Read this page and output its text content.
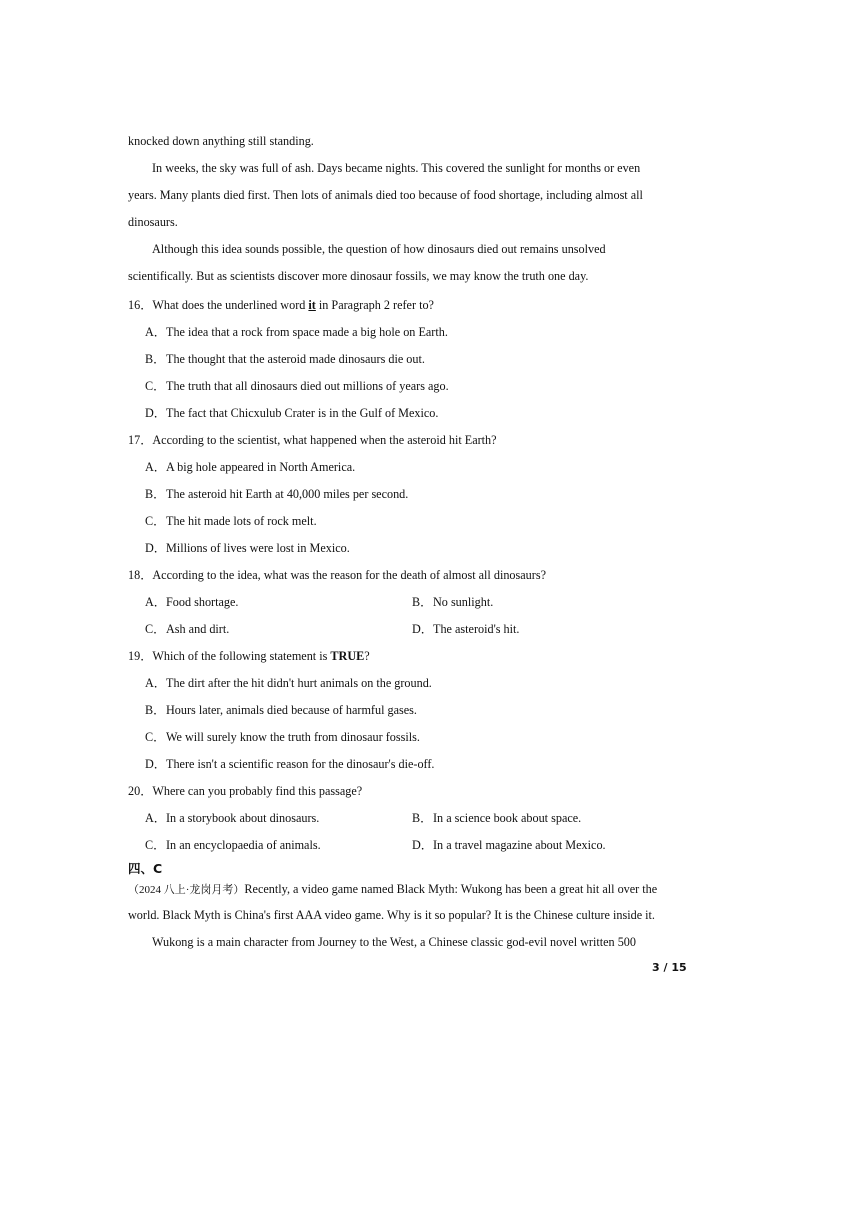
knocked down anything still standing.
In weeks, the sky was full of ash. Days became nights. This covered the sunlight for months or even
years. Many plants died first. Then lots of animals died too because of food shortage, including almost all
dinosaurs.
Although this idea sounds possible, the question of how dinosaurs died out remains unsolved
scientifically. But as scientists discover more dinosaur fossils, we may know the truth one day.
16．What does the underlined word it in Paragraph 2 refer to?
A．The idea that a rock from space made a big hole on Earth.
B．The thought that the asteroid made dinosaurs die out.
C．The truth that all dinosaurs died out millions of years ago.
D．The fact that Chicxulub Crater is in the Gulf of Mexico.
17．According to the scientist, what happened when the asteroid hit Earth?
A．A big hole appeared in North America.
B．The asteroid hit Earth at 40,000 miles per second.
C．The hit made lots of rock melt.
D．Millions of lives were lost in Mexico.
18．According to the idea, what was the reason for the death of almost all dinosaurs?
A．Food shortage.	B．No sunlight.
C．Ash and dirt.	D．The asteroid's hit.
19．Which of the following statement is TRUE?
A．The dirt after the hit didn't hurt animals on the ground.
B．Hours later, animals died because of harmful gases.
C．We will surely know the truth from dinosaur fossils.
D．There isn't a scientific reason for the dinosaur's die-off.
20．Where can you probably find this passage?
A．In a storybook about dinosaurs.	B．In a science book about space.
C．In an encyclopaedia of animals.	D．In a travel magazine about Mexico.
四、C
（2024 八上·龙岗月考）Recently, a video game named Black Myth: Wukong has been a great hit all over the
world. Black Myth is China's first AAA video game. Why is it so popular? It is the Chinese culture inside it.
Wukong is a main character from Journey to the West, a Chinese classic god-evil novel written 500
3 / 15
